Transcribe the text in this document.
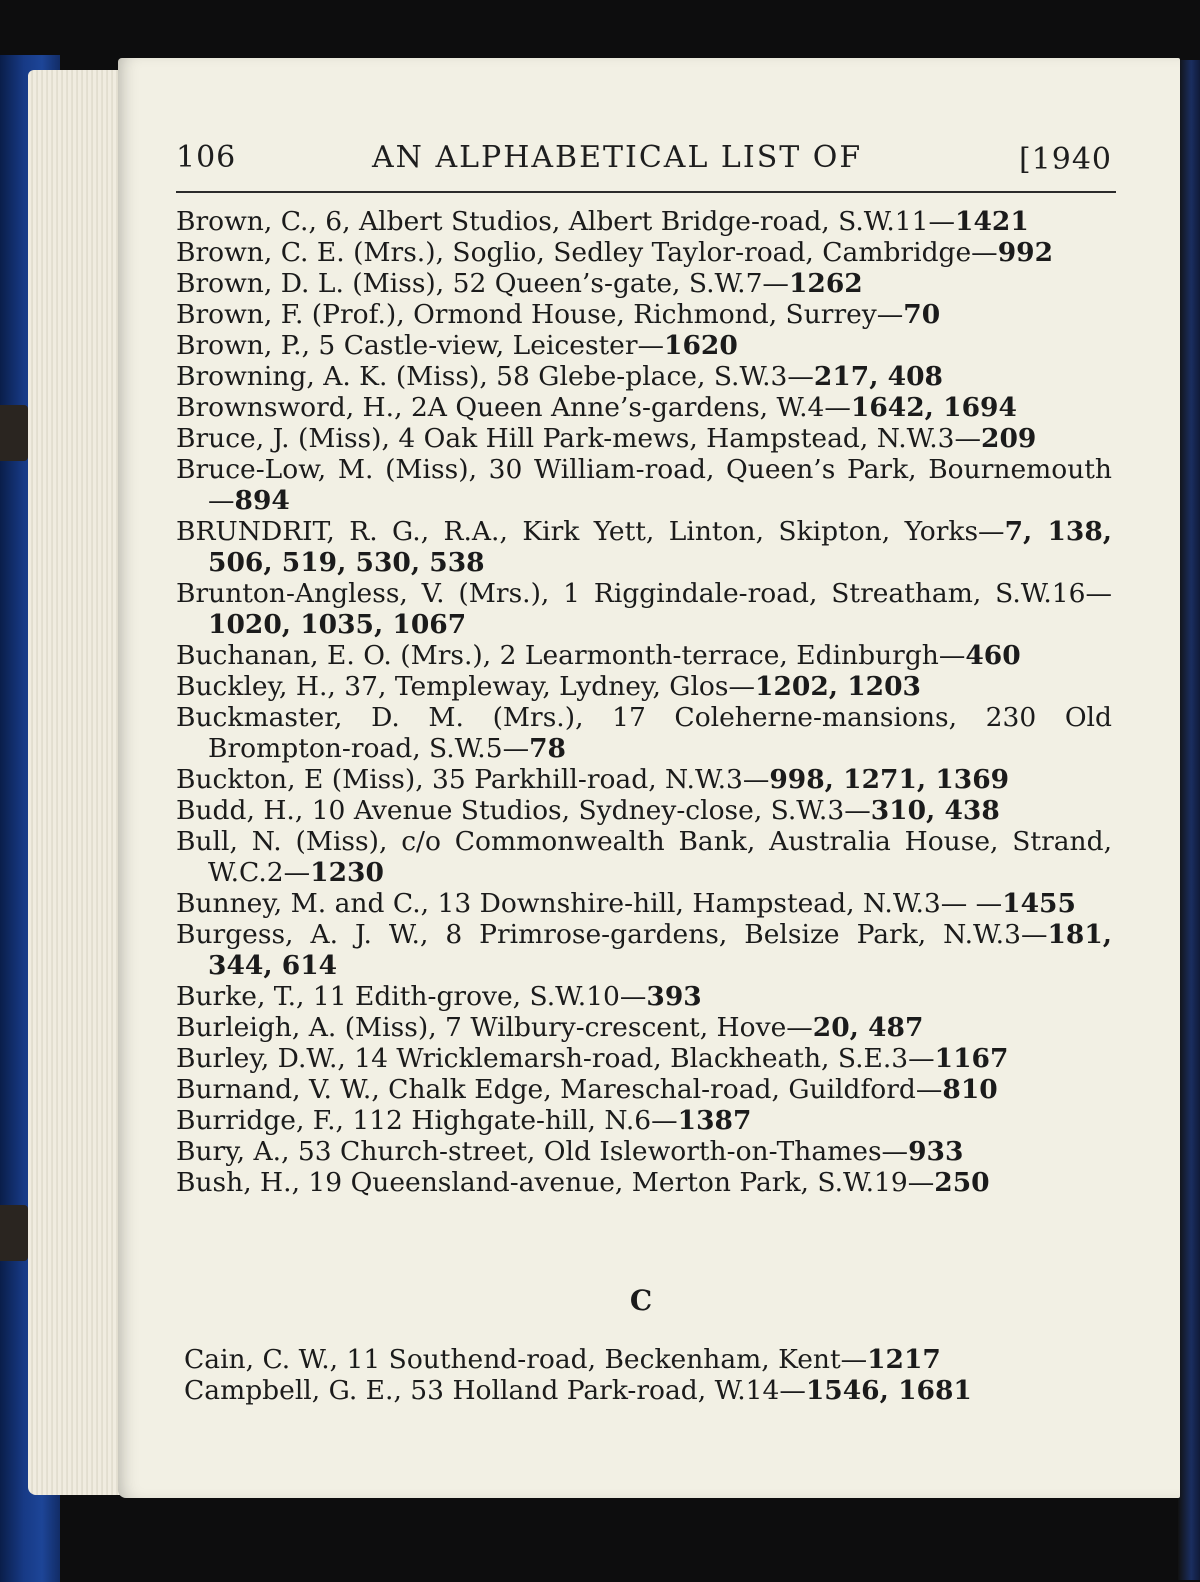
106	AN ALPHABETICAL LIST OF	[1940
Brown, C., 6, Albert Studios, Albert Bridge-road, S.W.11—1421
Brown, C. E. (Mrs.), Soglio, Sedley Taylor-road, Cambridge—992
Brown, D. L. (Miss), 52 Queen’s-gate, S.W.7—1262
Brown, F. (Prof.), Ormond House, Richmond, Surrey—70
Brown, P., 5 Castle-view, Leicester—1620
Browning, A. K. (Miss), 58 Glebe-place, S.W.3—217, 408
Brownsword, H., 2A Queen Anne’s-gardens, W.4—1642, 1694
Bruce, J. (Miss), 4 Oak Hill Park-mews, Hampstead, N.W.3—209
Bruce-Low, M. (Miss), 30 William-road, Queen’s Park, Bournemouth—894
BRUNDRIT, R. G., R.A., Kirk Yett, Linton, Skipton, Yorks—7, 138, 506, 519, 530, 538
Brunton-Angless, V. (Mrs.), 1 Riggindale-road, Streatham, S.W.16—1020, 1035, 1067
Buchanan, E. O. (Mrs.), 2 Learmonth-terrace, Edinburgh—460
Buckley, H., 37, Templeway, Lydney, Glos—1202, 1203
Buckmaster, D. M. (Mrs.), 17 Coleherne-mansions, 230 Old Brompton-road, S.W.5—78
Buckton, E (Miss), 35 Parkhill-road, N.W.3—998, 1271, 1369
Budd, H., 10 Avenue Studios, Sydney-close, S.W.3—310, 438
Bull, N. (Miss), c/o Commonwealth Bank, Australia House, Strand, W.C.2—1230
Bunney, M. and C., 13 Downshire-hill, Hampstead, N.W.3— —1455
Burgess, A. J. W., 8 Primrose-gardens, Belsize Park, N.W.3—181, 344, 614
Burke, T., 11 Edith-grove, S.W.10—393
Burleigh, A. (Miss), 7 Wilbury-crescent, Hove—20, 487
Burley, D.W., 14 Wricklemarsh-road, Blackheath, S.E.3—1167
Burnand, V. W., Chalk Edge, Mareschal-road, Guildford—810
Burridge, F., 112 Highgate-hill, N.6—1387
Bury, A., 53 Church-street, Old Isleworth-on-Thames—933
Bush, H., 19 Queensland-avenue, Merton Park, S.W.19—250
C
Cain, C. W., 11 Southend-road, Beckenham, Kent—1217
Campbell, G. E., 53 Holland Park-road, W.14—1546, 1681
